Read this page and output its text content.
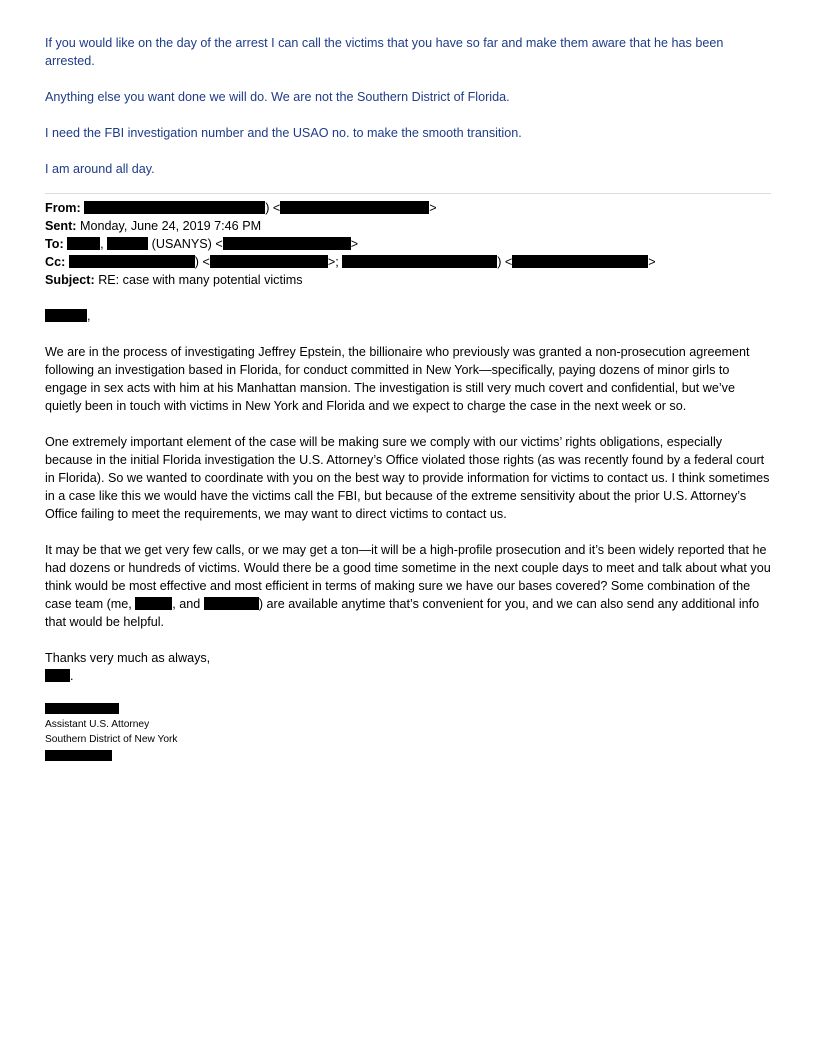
If you would like on the day of the arrest I can call the victims that you have so far and make them aware that he has been arrested.

Anything else you want done we will do. We are not the Southern District of Florida.

I need the FBI investigation number and the USAO no. to make the smooth transition.

I am around all day.

From:	) <	>

Sent: Monday, June 24, 2019 7:46 PM

To:	,	(USANYS) <	>

Cc:	) <	>;	) <	>

Subject: RE: case with many potential victims

,

We are in the process of investigating Jeffrey Epstein, the billionaire who previously was granted a non-prosecution agreement following an investigation based in Florida, for conduct committed in New York—specifically, paying dozens of minor girls to engage in sex acts with him at his Manhattan mansion. The investigation is still very much covert and confidential, but we’ve quietly been in touch with victims in New York and Florida and we expect to charge the case in the next week or so.

One extremely important element of the case will be making sure we comply with our victims’ rights obligations, especially because in the initial Florida investigation the U.S. Attorney’s Office violated those rights (as was recently found by a federal court in Florida). So we wanted to coordinate with you on the best way to provide information for victims to contact us. I think sometimes in a case like this we would have the victims call the FBI, but because of the extreme sensitivity about the prior U.S. Attorney’s Office failing to meet the requirements, we may want to direct victims to contact us.

It may be that we get very few calls, or we may get a ton—it will be a high-profile prosecution and it’s been widely reported that he had dozens or hundreds of victims. Would there be a good time sometime in the next couple days to meet and talk about what you think would be most effective and most efficient in terms of making sure we have our bases covered? Some combination of the case team (me,	, and	) are available anytime that’s convenient for you, and we can also send any additional info that would be helpful.

Thanks very much as always,

.

Assistant U.S. Attorney

Southern District of New York
